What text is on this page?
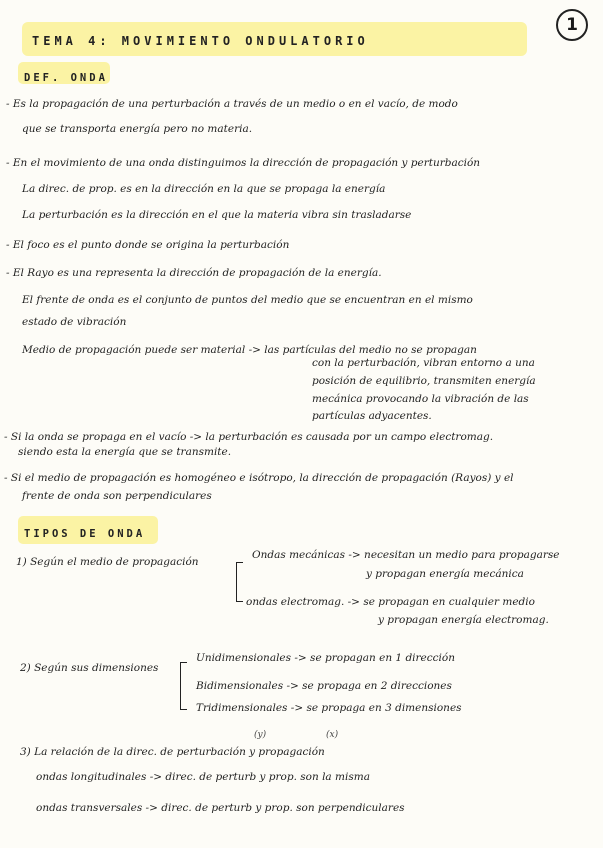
TEMA 4: MOVIMIENTO ONDULATORIO
1
DEF. ONDA
- Es la propagación de una perturbación a través de un medio o en el vacío, de modo
que se transporta energía pero no materia.
- En el movimiento de una onda distinguimos la dirección de propagación y perturbación
La direc. de prop. es en la dirección en la que se propaga la energía
La perturbación es la dirección en el que la materia vibra sin trasladarse
- El foco es el punto donde se origina la perturbación
- El Rayo es una representa la dirección de propagación de la energía.
El frente de onda es el conjunto de puntos del medio que se encuentran en el mismo
estado de vibración
Medio de propagación puede ser material -> las partículas del medio no se propagan
con la perturbación, vibran entorno a una
posición de equilibrio, transmiten energía
mecánica provocando la vibración de las
partículas adyacentes.
- Si la onda se propaga en el vacío -> la perturbación es causada por un campo electromag.
siendo esta la energía que se transmite.
- Si el medio de propagación es homogéneo e isótropo, la dirección de propagación (Rayos) y el
frente de onda son perpendiculares
TIPOS DE ONDA
1) Según el medio de propagación
Ondas mecánicas -> necesitan un medio para propagarse
y propagan energía mecánica
ondas electromag. -> se propagan en cualquier medio
y propagan energía electromag.
2) Según sus dimensiones
Unidimensionales -> se propagan en 1 dirección
Bidimensionales -> se propaga en 2 direcciones
Tridimensionales -> se propaga en 3 dimensiones
(y)	(x)
3) La relación de la direc. de perturbación y propagación
ondas longitudinales -> direc. de perturb y prop. son la misma
ondas transversales -> direc. de perturb y prop. son perpendiculares
